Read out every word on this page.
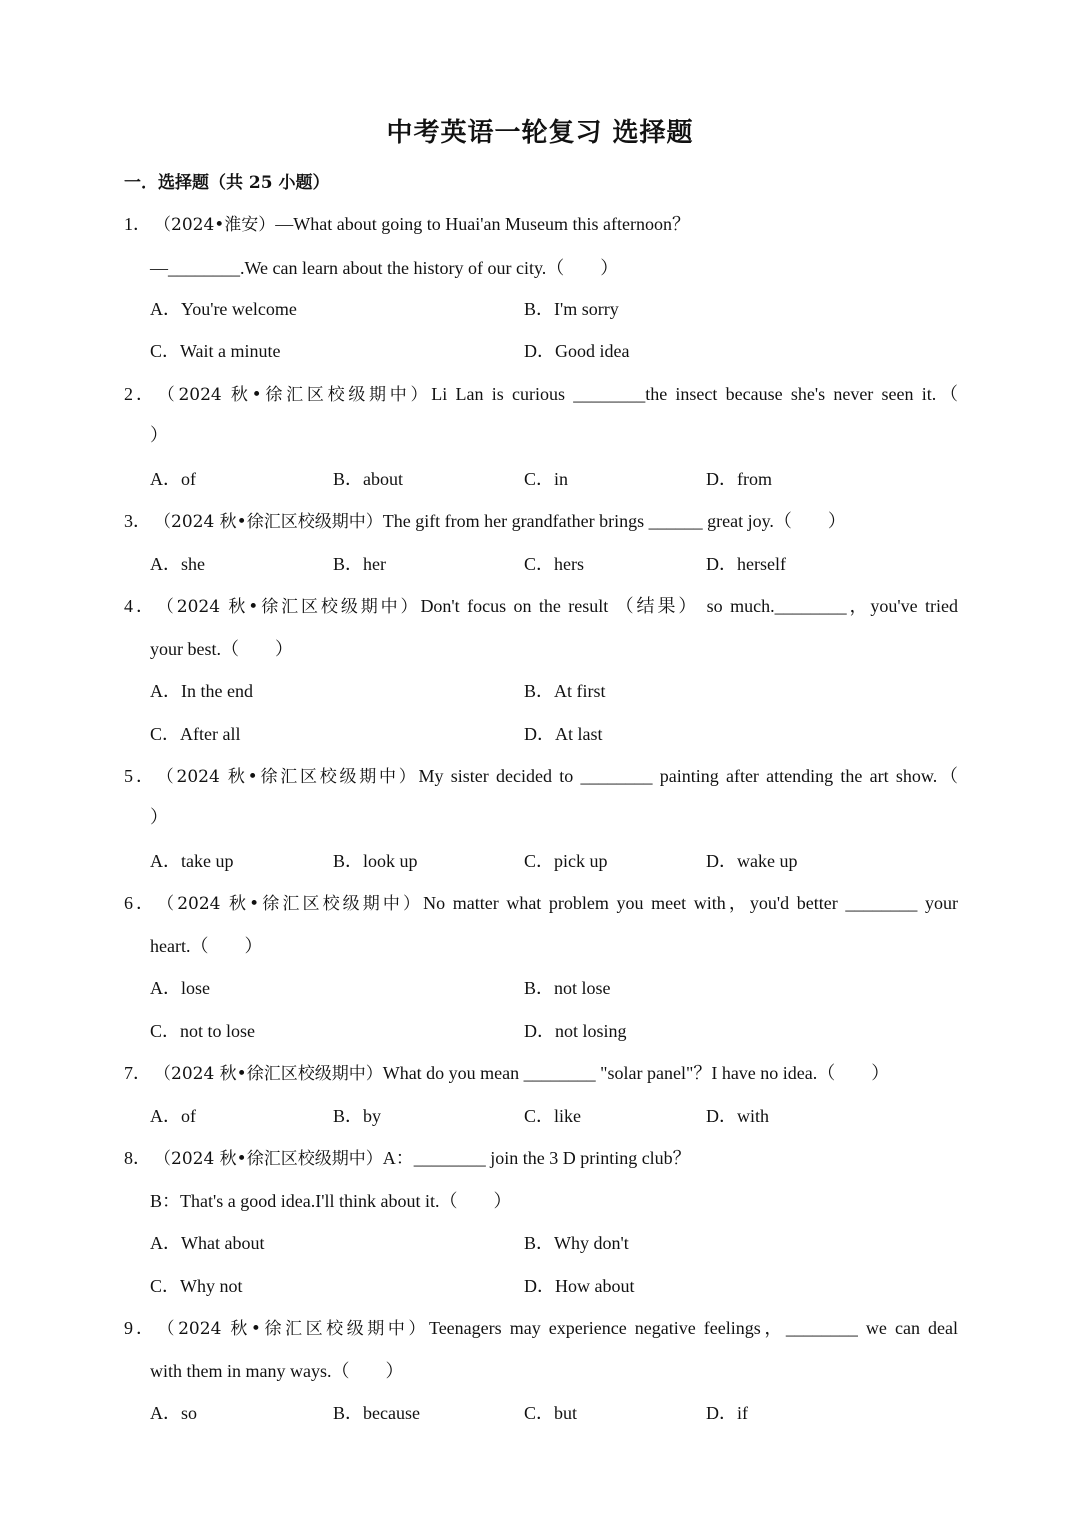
中考英语一轮复习 选择题
一．选择题（共 25 小题）
1． （2024•淮安）—What about going to Huai'an Museum this afternoon？
—________.We can learn about the history of our city.（　　）
A．You're welcome	B．I'm sorry
C．Wait a minute	D．Good idea
2．（2024 秋•徐汇区校级期中）Li Lan is curious ________the insect because she's never seen it.（
）
A．of	B．about	C．in	D．from
3． （2024 秋•徐汇区校级期中）The gift from her grandfather brings ______ great joy.（　　）
A．she	B．her	C．hers	D．herself
4．（2024 秋•徐汇区校级期中）Don't focus on the result （结果） so much.________，you've tried
your best.（　　）
A．In the end	B．At first
C．After all	D．At last
5．（2024 秋•徐汇区校级期中）My sister decided to ________ painting after attending the art show.（
）
A．take up	B．look up	C．pick up	D．wake up
6．（2024 秋•徐汇区校级期中）No matter what problem you meet with，you'd better ________ your
heart.（　　）
A．lose	B．not lose
C．not to lose	D．not losing
7． （2024 秋•徐汇区校级期中）What do you mean ________ "solar panel"？I have no idea.（　　）
A．of	B．by	C．like	D．with
8． （2024 秋•徐汇区校级期中）A：________ join the 3 D printing club？
B：That's a good idea.I'll think about it.（　　）
A．What about	B．Why don't
C．Why not	D．How about
9．（2024 秋•徐汇区校级期中）Teenagers may experience negative feelings，________ we can deal
with them in many ways.（　　）
A．so	B．because	C．but	D．if
